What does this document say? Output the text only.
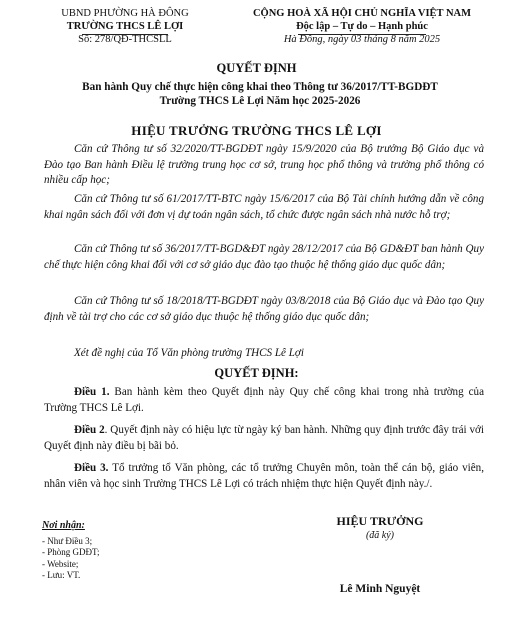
UBND PHƯỜNG HÀ ĐÔNG
TRƯỜNG THCS LÊ LỢI
Số: 278/QĐ-THCSLL
CỘNG HOÀ XÃ HỘI CHỦ NGHĨA VIỆT NAM
Độc lập – Tự do – Hạnh phúc
Hà Đông, ngày 03 tháng 8 năm 2025
QUYẾT ĐỊNH
Ban hành Quy chế thực hiện công khai theo Thông tư 36/2017/TT-BGDĐT
Trường THCS Lê Lợi Năm học 2025-2026
HIỆU TRƯỞNG TRƯỜNG THCS LÊ LỢI
Căn cứ Thông tư số 32/2020/TT-BGDĐT ngày 15/9/2020 của Bộ trưởng Bộ Giáo dục và Đào tạo Ban hành Điều lệ trường trung học cơ sở, trung học phổ thông và trường phổ thông có nhiều cấp học;
Căn cứ Thông tư số 61/2017/TT-BTC ngày 15/6/2017 của Bộ Tài chính hướng dẫn về công khai ngân sách đối với đơn vị dự toán ngân sách, tổ chức được ngân sách nhà nước hỗ trợ;
Căn cứ Thông tư số 36/2017/TT-BGD&ĐT ngày 28/12/2017 của Bộ GD&ĐT ban hành Quy chế thực hiện công khai đối với cơ sở giáo dục đào tạo thuộc hệ thống giáo dục quốc dân;
Căn cứ Thông tư số 18/2018/TT-BGDĐT ngày 03/8/2018 của Bộ Giáo dục và Đào tạo Quy định về tài trợ cho các cơ sở giáo dục thuộc hệ thống giáo dục quốc dân;
Xét đề nghị của Tổ Văn phòng trường THCS Lê Lợi
QUYẾT ĐỊNH:
Điều 1. Ban hành kèm theo Quyết định này Quy chế công khai trong nhà trường của Trường THCS Lê Lợi.
Điều 2. Quyết định này có hiệu lực từ ngày ký ban hành. Những quy định trước đây trái với Quyết định này điều bị bãi bỏ.
Điều 3. Tổ trưởng tổ Văn phòng, các tổ trưởng Chuyên môn, toàn thể cán bộ, giáo viên, nhân viên và học sinh Trường THCS Lê Lợi có trách nhiệm thực hiện Quyết định này./.
Nơi nhận:
- Như Điều 3;
- Phòng GDĐT;
- Website;
- Lưu: VT.
HIỆU TRƯỞNG
(đã ký)
Lê Minh Nguyệt
